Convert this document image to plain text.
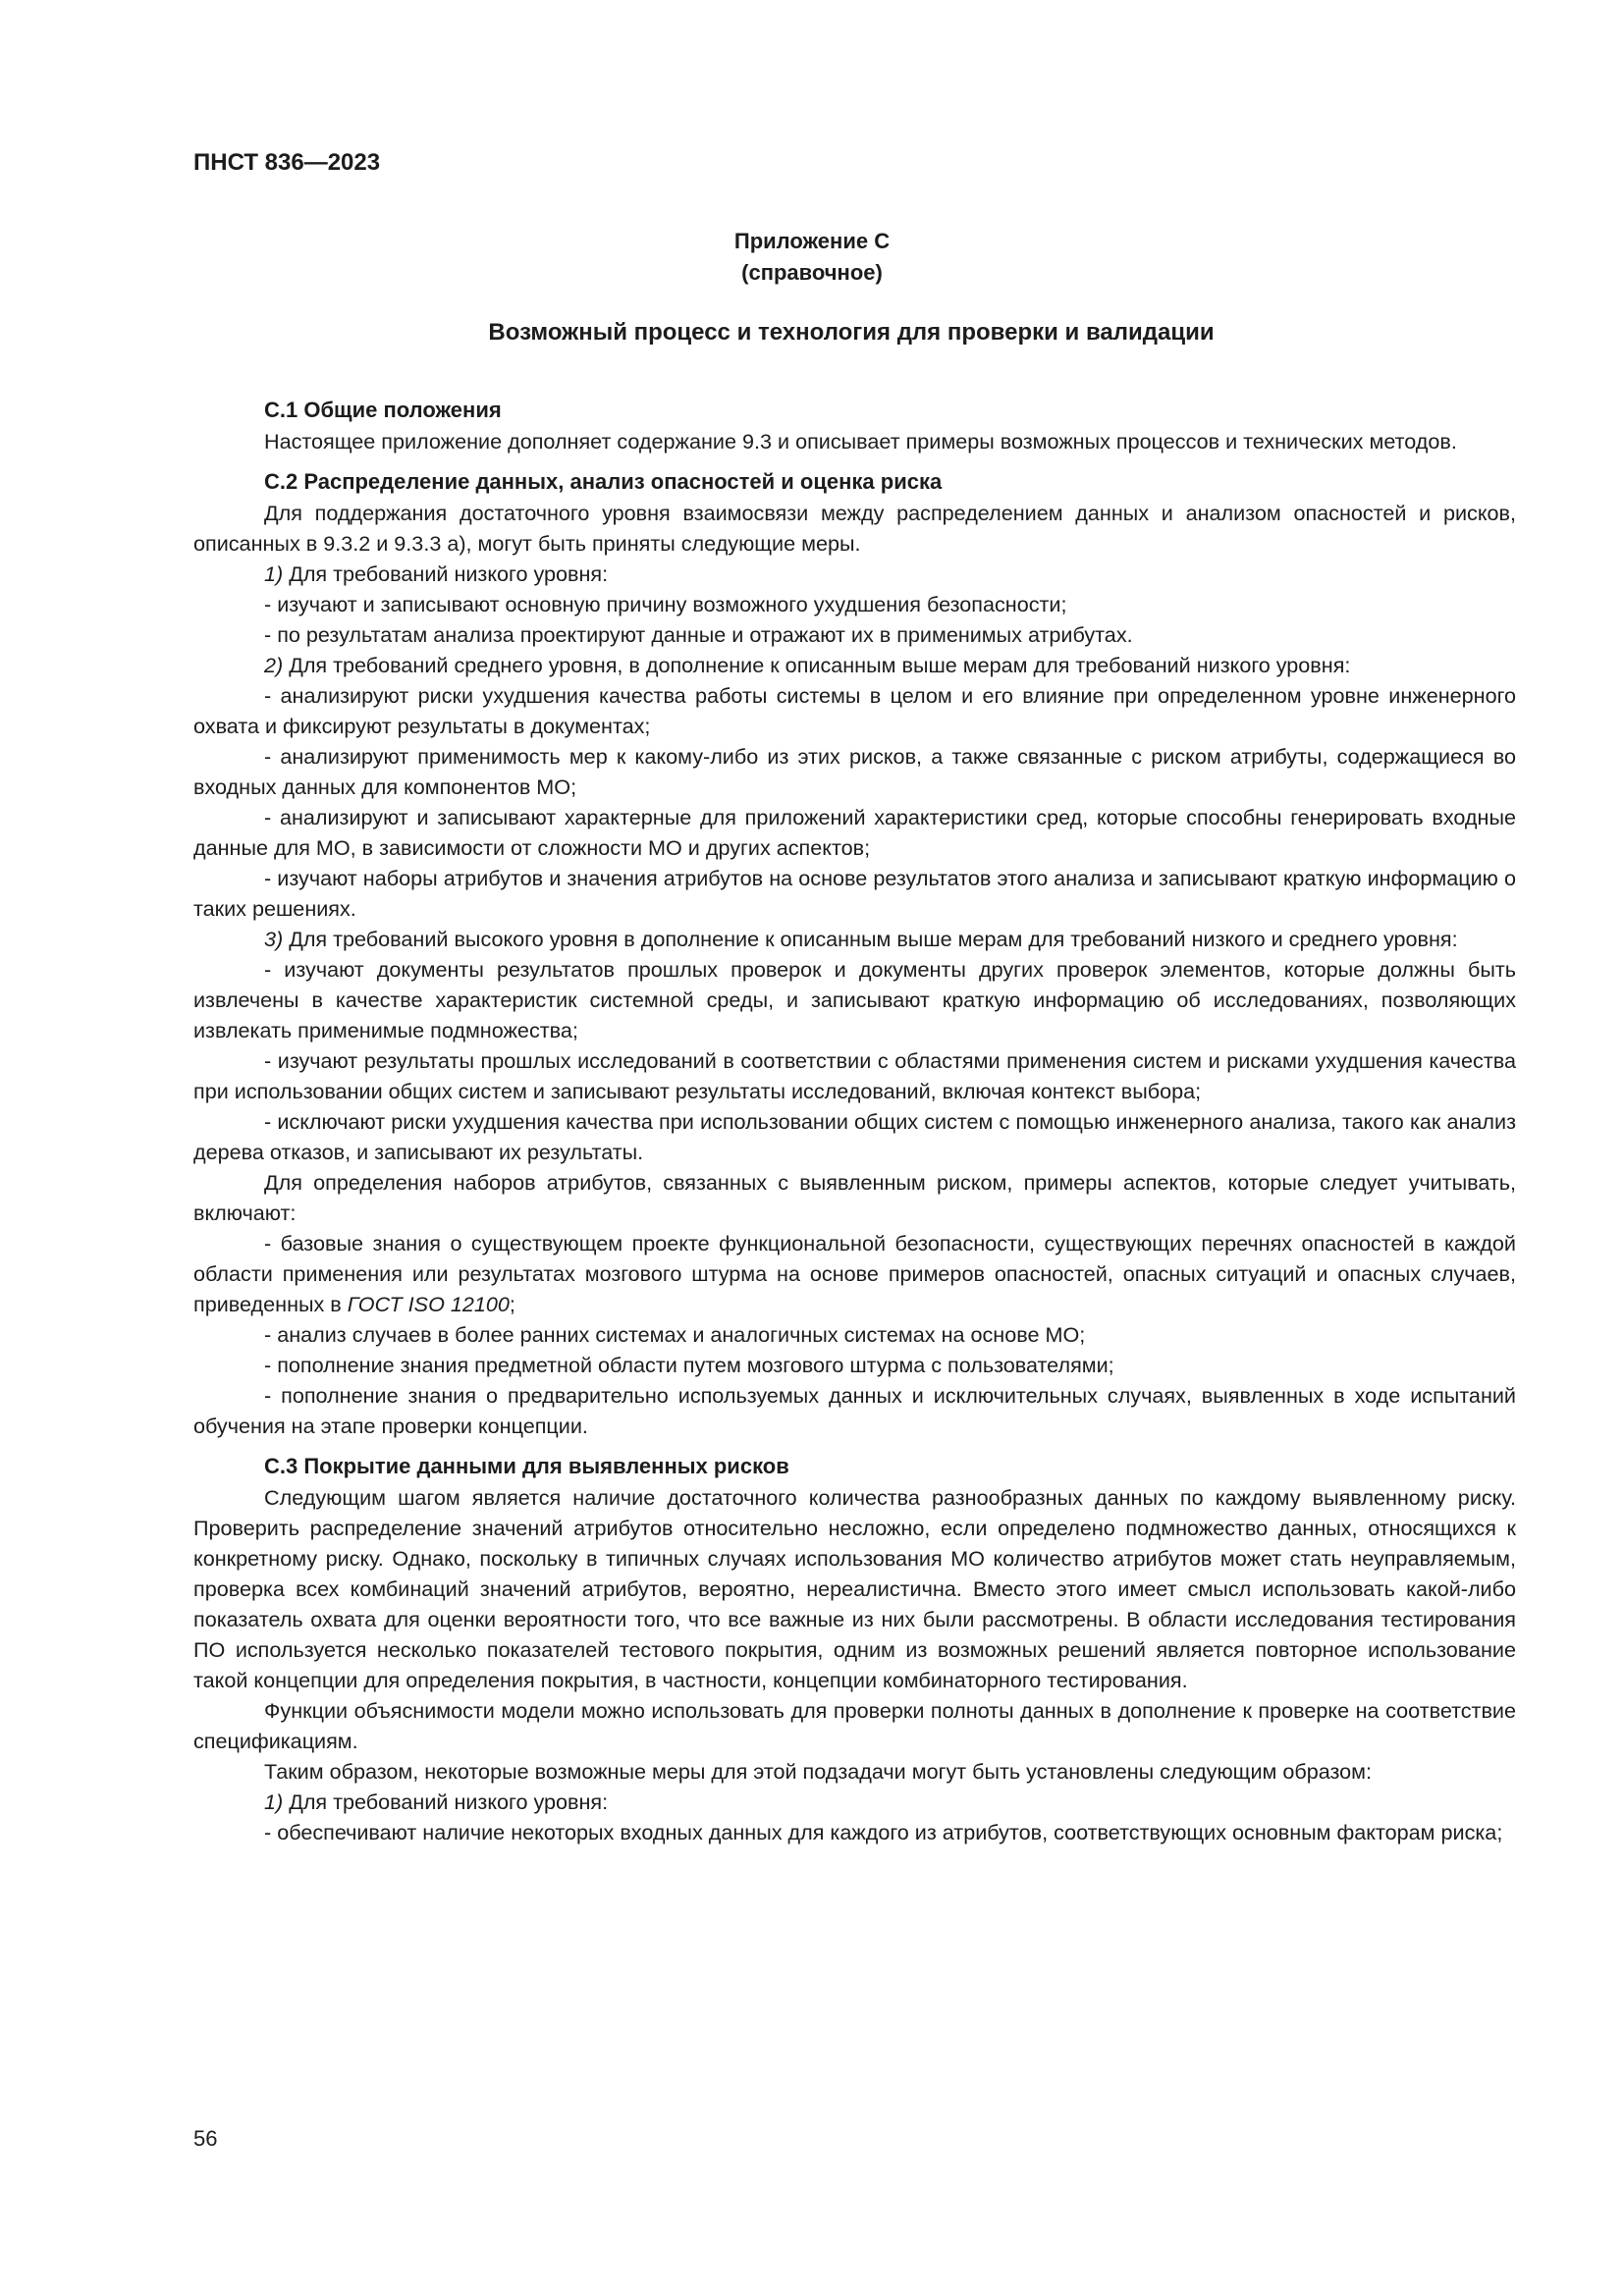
ПНСТ 836—2023

Приложение С
(справочное)

Возможный процесс и технология для проверки и валидации

С.1 Общие положения

Настоящее приложение дополняет содержание 9.3 и описывает примеры возможных процессов и технических методов.

С.2 Распределение данных, анализ опасностей и оценка риска

Для поддержания достаточного уровня взаимосвязи между распределением данных и анализом опасностей и рисков, описанных в 9.3.2 и 9.3.3 а), могут быть приняты следующие меры.

1) Для требований низкого уровня:

- изучают и записывают основную причину возможного ухудшения безопасности;

- по результатам анализа проектируют данные и отражают их в применимых атрибутах.

2) Для требований среднего уровня, в дополнение к описанным выше мерам для требований низкого уровня:

- анализируют риски ухудшения качества работы системы в целом и его влияние при определенном уровне инженерного охвата и фиксируют результаты в документах;

- анализируют применимость мер к какому-либо из этих рисков, а также связанные с риском атрибуты, содержащиеся во входных данных для компонентов МО;

- анализируют и записывают характерные для приложений характеристики сред, которые способны генерировать входные данные для МО, в зависимости от сложности МО и других аспектов;

- изучают наборы атрибутов и значения атрибутов на основе результатов этого анализа и записывают краткую информацию о таких решениях.

3) Для требований высокого уровня в дополнение к описанным выше мерам для требований низкого и среднего уровня:

- изучают документы результатов прошлых проверок и документы других проверок элементов, которые должны быть извлечены в качестве характеристик системной среды, и записывают краткую информацию об исследованиях, позволяющих извлекать применимые подмножества;

- изучают результаты прошлых исследований в соответствии с областями применения систем и рисками ухудшения качества при использовании общих систем и записывают результаты исследований, включая контекст выбора;

- исключают риски ухудшения качества при использовании общих систем с помощью инженерного анализа, такого как анализ дерева отказов, и записывают их результаты.

Для определения наборов атрибутов, связанных с выявленным риском, примеры аспектов, которые следует учитывать, включают:

- базовые знания о существующем проекте функциональной безопасности, существующих перечнях опасностей в каждой области применения или результатах мозгового штурма на основе примеров опасностей, опасных ситуаций и опасных случаев, приведенных в ГОСТ ISO 12100;

- анализ случаев в более ранних системах и аналогичных системах на основе МО;

- пополнение знания предметной области путем мозгового штурма с пользователями;

- пополнение знания о предварительно используемых данных и исключительных случаях, выявленных в ходе испытаний обучения на этапе проверки концепции.

С.3 Покрытие данными для выявленных рисков

Следующим шагом является наличие достаточного количества разнообразных данных по каждому выявленному риску. Проверить распределение значений атрибутов относительно несложно, если определено подмножество данных, относящихся к конкретному риску. Однако, поскольку в типичных случаях использования МО количество атрибутов может стать неуправляемым, проверка всех комбинаций значений атрибутов, вероятно, нереалистична. Вместо этого имеет смысл использовать какой-либо показатель охвата для оценки вероятности того, что все важные из них были рассмотрены. В области исследования тестирования ПО используется несколько показателей тестового покрытия, одним из возможных решений является повторное использование такой концепции для определения покрытия, в частности, концепции комбинаторного тестирования.

Функции объяснимости модели можно использовать для проверки полноты данных в дополнение к проверке на соответствие спецификациям.

Таким образом, некоторые возможные меры для этой подзадачи могут быть установлены следующим образом:

1) Для требований низкого уровня:

- обеспечивают наличие некоторых входных данных для каждого из атрибутов, соответствующих основным факторам риска;

56
